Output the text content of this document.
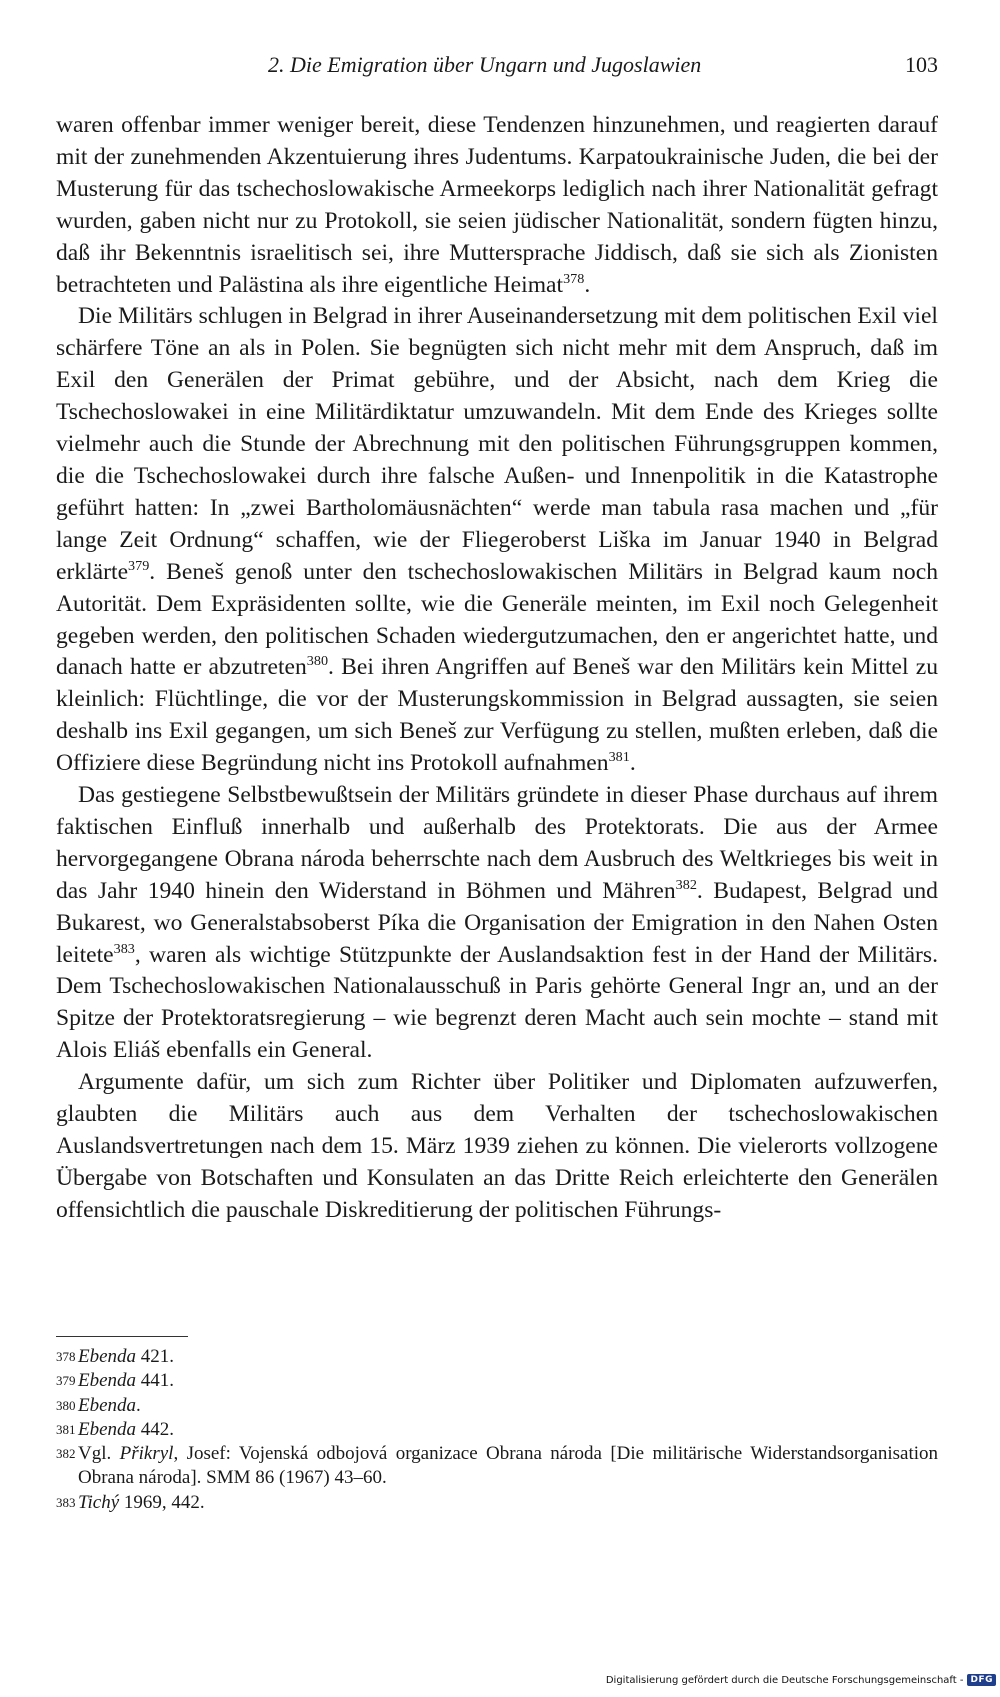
2. Die Emigration über Ungarn und Jugoslawien	103

waren offenbar immer weniger bereit, diese Tendenzen hinzunehmen, und reagierten darauf mit der zunehmenden Akzentuierung ihres Judentums. Karpatoukrainische Juden, die bei der Musterung für das tschechoslowakische Armeekorps lediglich nach ihrer Nationalität gefragt wurden, gaben nicht nur zu Protokoll, sie seien jüdischer Nationalität, sondern fügten hinzu, daß ihr Bekenntnis israelitisch sei, ihre Muttersprache Jiddisch, daß sie sich als Zionisten betrachteten und Palästina als ihre eigentliche Heimat$^{378}$.

Die Militärs schlugen in Belgrad in ihrer Auseinandersetzung mit dem politischen Exil viel schärfere Töne an als in Polen. Sie begnügten sich nicht mehr mit dem Anspruch, daß im Exil den Generälen der Primat gebühre, und der Absicht, nach dem Krieg die Tschechoslowakei in eine Militärdiktatur umzuwandeln. Mit dem Ende des Krieges sollte vielmehr auch die Stunde der Abrechnung mit den politischen Führungsgruppen kommen, die die Tschechoslowakei durch ihre falsche Außen- und Innenpolitik in die Katastrophe geführt hatten: In „zwei Bartholomäusnächten“ werde man tabula rasa machen und „für lange Zeit Ordnung“ schaffen, wie der Fliegeroberst Liška im Januar 1940 in Belgrad erklärte$^{379}$. Beneš genoß unter den tschechoslowakischen Militärs in Belgrad kaum noch Autorität. Dem Expräsidenten sollte, wie die Generäle meinten, im Exil noch Gelegenheit gegeben werden, den politischen Schaden wiedergutzumachen, den er angerichtet hatte, und danach hatte er abzutreten$^{380}$. Bei ihren Angriffen auf Beneš war den Militärs kein Mittel zu kleinlich: Flüchtlinge, die vor der Musterungskommission in Belgrad aussagten, sie seien deshalb ins Exil gegangen, um sich Beneš zur Verfügung zu stellen, mußten erleben, daß die Offiziere diese Begründung nicht ins Protokoll aufnahmen$^{381}$.

Das gestiegene Selbstbewußtsein der Militärs gründete in dieser Phase durchaus auf ihrem faktischen Einfluß innerhalb und außerhalb des Protektorats. Die aus der Armee hervorgegangene Obrana národa beherrschte nach dem Ausbruch des Weltkrieges bis weit in das Jahr 1940 hinein den Widerstand in Böhmen und Mähren$^{382}$. Budapest, Belgrad und Bukarest, wo Generalstabsoberst Píka die Organisation der Emigration in den Nahen Osten leitete$^{383}$, waren als wichtige Stützpunkte der Auslandsaktion fest in der Hand der Militärs. Dem Tschechoslowakischen Nationalausschuß in Paris gehörte General Ingr an, und an der Spitze der Protektoratsregierung – wie begrenzt deren Macht auch sein mochte – stand mit Alois Eliáš ebenfalls ein General.

Argumente dafür, um sich zum Richter über Politiker und Diplomaten aufzuwerfen, glaubten die Militärs auch aus dem Verhalten der tschechoslowakischen Auslandsvertretungen nach dem 15. März 1939 ziehen zu können. Die vielerorts vollzogene Übergabe von Botschaften und Konsulaten an das Dritte Reich erleichterte den Generälen offensichtlich die pauschale Diskreditierung der politischen Führungs-

378 Ebenda 421.
379 Ebenda 441.
380 Ebenda.
381 Ebenda 442.
382 Vgl. Přikryl, Josef: Vojenská odbojová organizace Obrana národa [Die militärische Widerstandsorganisation Obrana národa]. SMM 86 (1967) 43–60.
383 Tichý 1969, 442.
Digitalisierung gefördert durch die Deutsche Forschungsgemeinschaft - DFG
